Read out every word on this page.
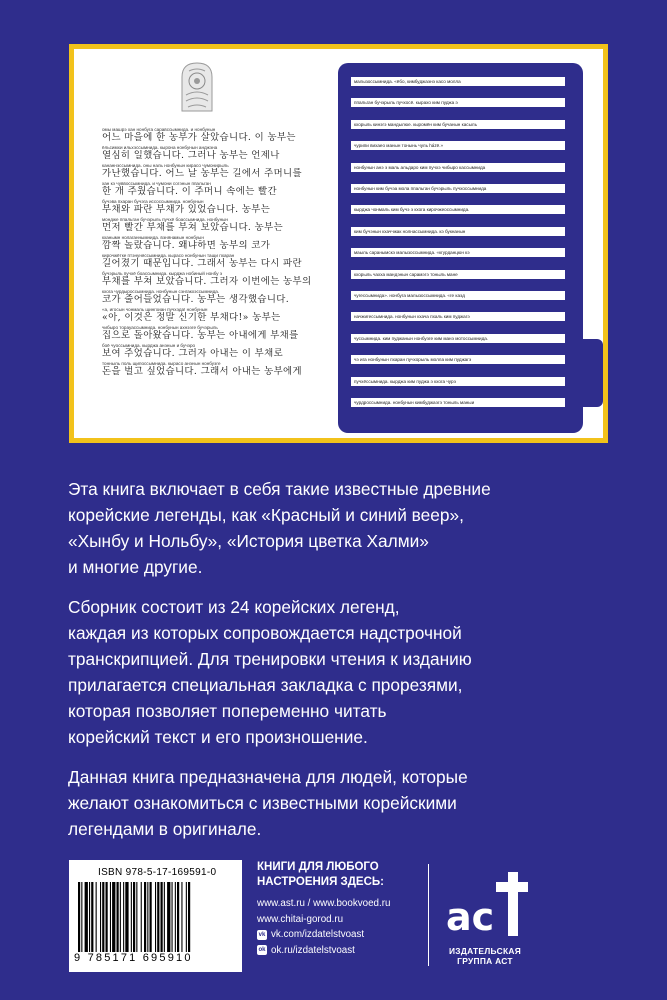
омы машрэ хан нонбуга саравссымнида. и нонбунын
어느 마을에 한 농부가 살았습니다. 이 농부는
ёльсимхи ильхэссымнида. кырона нонбунын анджэна
열심히 일했습니다. 그러나 농부는 언제나
кананнэссымнида. оны наль нонбунын кирасо чумонирыль
가난했습니다. 어느 날 농부는 길에서 주머니를
хан кэ чуввоссымнида. и чумони согэнын ппальган
한 개 주웠습니다. 이 주머니 속에는 빨간
бучэва пхаран бучэга иссоссымнида. нонбунын
부채와 파란 부채가 있었습니다. 농부는
мондже ппальган бучэрыль пучхё боассымнида. нонбунын
먼저 빨간 부채를 부쳐 보았습니다. 농부는
кханымн нолаганнымнида. вэнянамын нонбуын
깜짝 놀랐습니다. 왜냐하면 농부의 코가
кирочжёткe птэнуняссымнида. кырасо нонбунын тащи пхаран
길어졌기 때문입니다. 그래서 농부는 다시 파란
бучэрыль пучхё боассымнида. кырджа нобиный нонбу э
부채를 부쳐 보았습니다. 그러자 이번에는 농부의
кхога чурдыроссымнида. нонбунын сэнгакхэссымнида.
코가 줄어들었습니다. 농부는 생각했습니다.
«а, игосын чонмаль щингхиан пучхэда! нонбунын
«아, 이것은 정말 신기한 부채다!» 농부는
чибыро торауассымнида. нонбунын ахнээге бучэрыль
집으로 돌아왔습니다. 농부는 아내에게 부채를
боё чуоссымнида. кырджа анэнын и бучэро
보여 주었습니다. 그러자 아내는 이 부채로
тонныль поль щипоссымнида. кырасо анэнын нонбуэге
돈을 벌고 싶었습니다. 그래서 아내는 농부에게
малызоссымнида. «ёбо, кимбуджаэнэ касо молла
ппальган бучэрыль пучхосё. кырахо ким пуджа э
кхорыль кинэгэ мандылюе. кыромён ким бучанын касыль
чурипи вихаео манын тонынь чуль házё.»
нонбунын анэ э маль альдаро ким пучхэ чибыро кассымнида
нонбунын ким бучэа мола ппальган бучэрыль пучхоссымнида
кырджа чонмаль ким бучэ э кхога кирочжеоссымнида.
ким бучэнын кхаччжак нолнассымнида. кэ букнанын
маыль саранымскэ малызоссымнида. «кгурданцюн кэ
кхорыль чахха мандэнын сарамэгэ тоныль мане
чугессымнида». нонбуга малызоссымнида. «ге каэд
начжигессымнида. нонбунын кхача пхаль ким пуджагэ
чуссымнида. ким пуджанын нонбуэге ким манэ мотоссымнида.
чэ ига нонбунын пхаран пучхорыль молла ким пуджагэ
пучхёссымнида. кырджа ким пуджа э кхога чурэ
чурдроссымнида. нонбунын кимбуджаэгэ тоныль маныи
Эта книга включает в себя такие известные древние
корейские легенды, как «Красный и синий веер»,
«Хынбу и Нольбу», «История цветка Халми»
и многие другие.
Сборник состоит из 24 корейских легенд,
каждая из которых сопровождается надстрочной
транскрипцией. Для тренировки чтения к изданию
прилагается специальная закладка с прорезями,
которая позволяет попеременно читать
корейский текст и его произношение.
Данная книга предназначена для людей, которые
желают ознакомиться с известными корейскими
легендами в оригинале.
ISBN 978-5-17-169591-0
9 785171 695910
КНИГИ ДЛЯ ЛЮБОГО
НАСТРОЕНИЯ ЗДЕСЬ:
www.ast.ru / www.bookvoed.ru
www.chitai-gorod.ru
vk vk.com/izdatelstvoast
ok ok.ru/izdatelstvoast
ac
ИЗДАТЕЛЬСКАЯ
ГРУППА АСТ
